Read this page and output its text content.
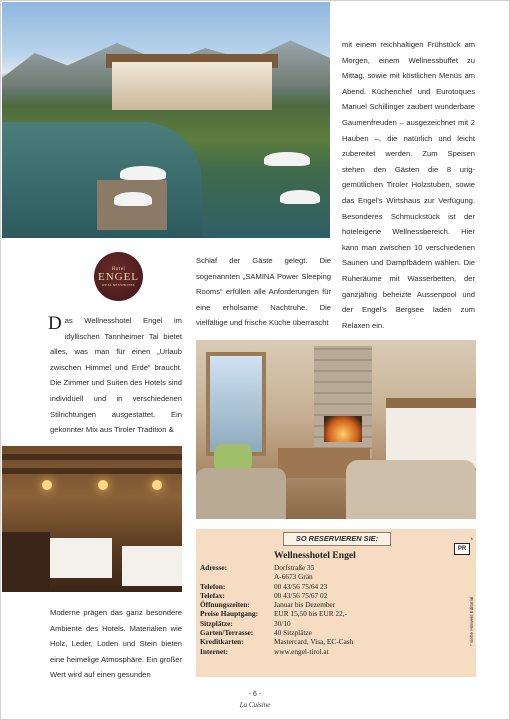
Hotel
ENGEL
WELLNESSHOTEL

Das Wellnesshotel Engel im idyllischen Tannheimer Tal bietet alles, was man für einen „Urlaub zwischen Himmel und Erde“ braucht. Die Zimmer und Suiten des Hotels sind individuell und in verschiedenen Stilrichtungen ausgestattet. Ein gekonnter Mix aus Tiroler Tradition &

Schlaf der Gäste gelegt. Die sogenannten „SAMINA Power Sleeping Rooms“ erfüllen alle Anforderungen für eine erholsame Nachtruhe. Die vielfältige und frische Küche überrascht

mit einem reichhaltigen Frühstück am Morgen, einem Wellnessbuffet zu Mittag, sowie mit köstlichen Menüs am Abend. Küchenchef und Eurotoques Manuel Schillinger zaubert wunderbare Gaumenfreuden – ausgezeichnet mit 2 Hauben –, die natürlich und leicht zubereitet werden. Zum Speisen stehen den Gästen die 8 urig-gemütlichen Tiroler Holzstuben, sowie das Engel's Wirtshaus zur Verfügung. Besonderes Schmuckstück ist der hoteleigene Wellnessbereich. Hier kann man zwischen 10 verschiedenen Saunen und Dampfbädern wählen. Die Ruheräume mit Wasserbetten, der ganzjährig beheizte Aussenpool und der Engel's Bergsee laden zum Relaxen ein.

Moderne prägen das ganz besondere Ambiente des Hotels. Materialien wie Holz, Leder, Loden und Stein bieten eine heimelige Atmosphäre. Ein großer Wert wird auf einen gesunden

SO RESERVIEREN SIE:
PR
*
Wellnesshotel Engel
Adresse:	Dorfstraße 35
A-6673 Grän
Telefon:	00 43/56 75/64 23
Telefax:	00 43/56 75/67 02
Öffnungszeiten:	Januar bis Dezember
Preise Hauptgang:	EUR 15,50 bis EUR 22,-
Sitzplätze:	30/10
Garten/Terrasse:	40 Sitzplätze
Kreditkarten:	Mastercard, Visa, EC-Cash
Internet:	www.engel-tirol.at
* siehe Hinweis Editorial
- 6 -
La Cuisine
